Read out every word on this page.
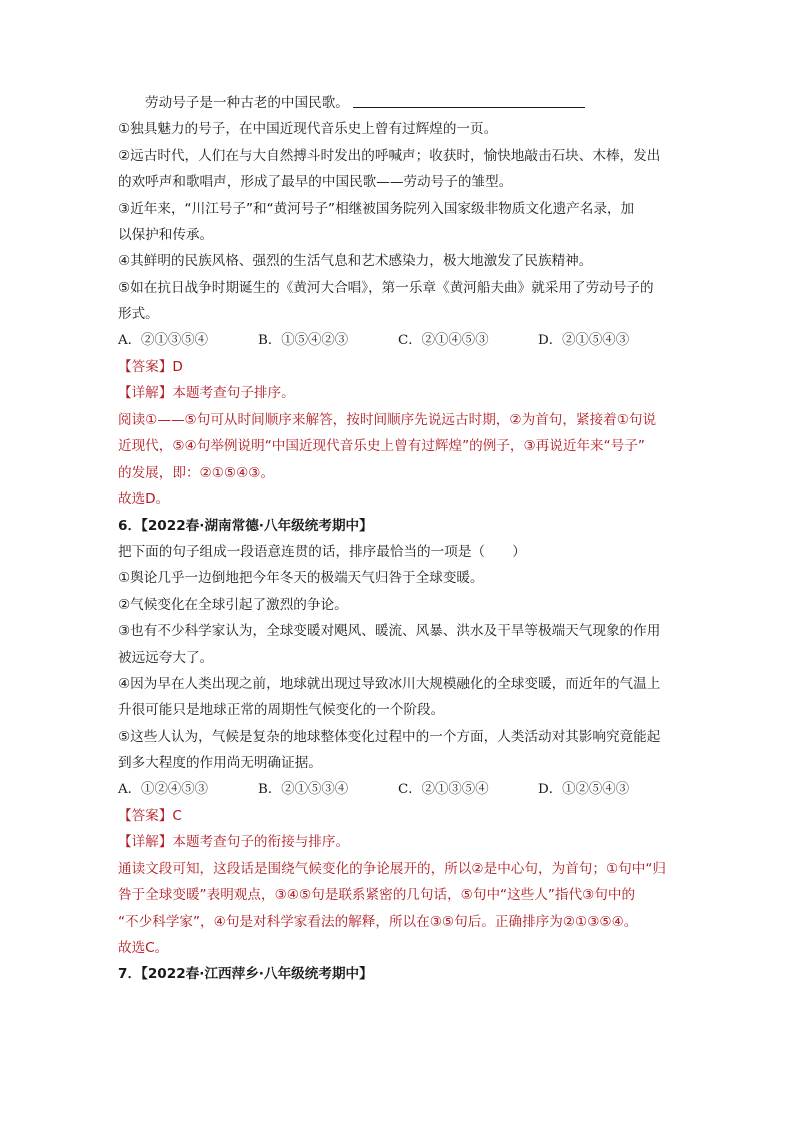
劳动号子是一种古老的中国民歌。
①独具魅力的号子，在中国近现代音乐史上曾有过辉煌的一页。
②远古时代，人们在与大自然搏斗时发出的呼喊声；收获时，愉快地敲击石块、木棒，发出
的欢呼声和歌唱声，形成了最早的中国民歌——劳动号子的雏型。
③近年来，“川江号子”和“黄河号子”相继被国务院列入国家级非物质文化遗产名录，加
以保护和传承。
④其鲜明的民族风格、强烈的生活气息和艺术感染力，极大地激发了民族精神。
⑤如在抗日战争时期诞生的《黄河大合唱》，第一乐章《黄河船夫曲》就采用了劳动号子的
形式。
A．②①③⑤④	B．①⑤④②③	C．②①④⑤③	D．②①⑤④③
【答案】D
【详解】本题考查句子排序。
阅读①——⑤句可从时间顺序来解答，按时间顺序先说远古时期，②为首句，紧接着①句说
近现代，⑤④句举例说明“中国近现代音乐史上曾有过辉煌”的例子，③再说近年来“号子”
的发展，即：②①⑤④③。
故选D。
6．【2022春·湖南常德·八年级统考期中】
把下面的句子组成一段语意连贯的话，排序最恰当的一项是（　　）
①舆论几乎一边倒地把今年冬天的极端天气归咎于全球变暖。
②气候变化在全球引起了激烈的争论。
③也有不少科学家认为，全球变暖对飓风、暖流、风暴、洪水及干旱等极端天气现象的作用
被远远夸大了。
④因为早在人类出现之前，地球就出现过导致冰川大规模融化的全球变暖，而近年的气温上
升很可能只是地球正常的周期性气候变化的一个阶段。
⑤这些人认为，气候是复杂的地球整体变化过程中的一个方面，人类活动对其影响究竟能起
到多大程度的作用尚无明确证据。
A．①②④⑤③	B．②①⑤③④	C．②①③⑤④	D．①②⑤④③
【答案】C
【详解】本题考查句子的衔接与排序。
通读文段可知，这段话是围绕气候变化的争论展开的，所以②是中心句，为首句；①句中“归
咎于全球变暖”表明观点，③④⑤句是联系紧密的几句话，⑤句中“这些人”指代③句中的
“不少科学家”，④句是对科学家看法的解释，所以在③⑤句后。正确排序为②①③⑤④。
故选C。
7．【2022春·江西萍乡·八年级统考期中】
